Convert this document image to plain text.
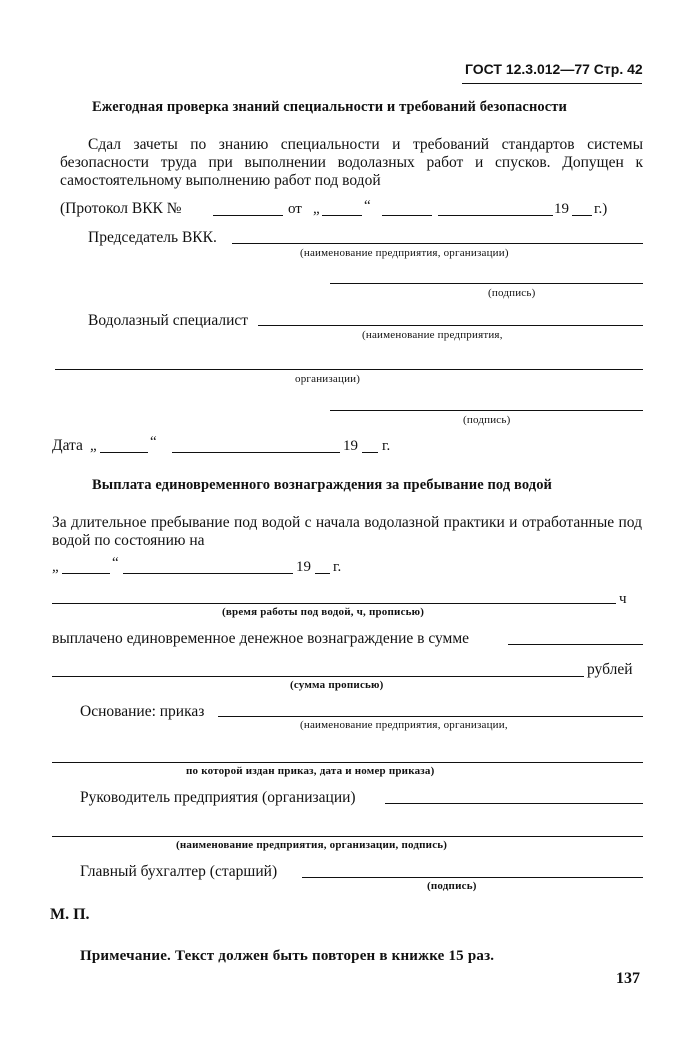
ГОСТ 12.3.012—77 Стр. 42
Ежегодная проверка знаний специальности и требований безопасности
Сдал зачеты по знанию специальности и требований стандартов системы безопасности труда при выполнении водолазных работ и спусков. Допущен к самостоятельному выполнению работ под водой
(Протокол ВКК №	от „	“	19 г.)
Председатель ВКК.
(наименование предприятия, организации)
(подпись)
Водолазный специалист
(наименование предприятия,
организации)
(подпись)
Дата „	“	19 г.
Выплата единовременного вознаграждения за пребывание под водой
За длительное пребывание под водой с начала водолазной практики и отработанные под водой по состоянию на
„	“	19 г.
ч
(время работы под водой, ч, прописью)
выплачено единовременное денежное вознаграждение в сумме
рублей
(сумма прописью)
Основание: приказ
(наименование предприятия, организации,
по которой издан приказ, дата и номер приказа)
Руководитель предприятия (организации)
(наименование предприятия, организации, подпись)
Главный бухгалтер (старший)
(подпись)
М. П.
Примечание. Текст должен быть повторен в книжке 15 раз.
137
